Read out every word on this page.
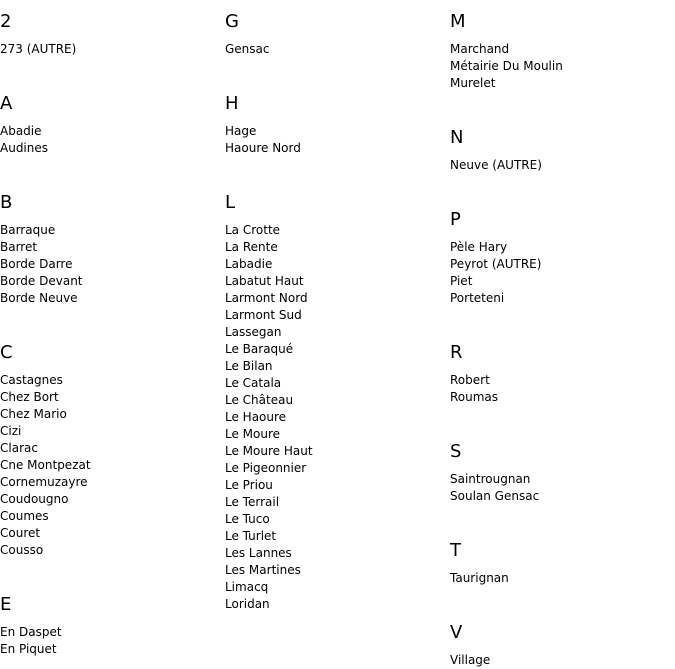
2
273 (AUTRE)
A
Abadie
Audines
B
Barraque
Barret
Borde Darre
Borde Devant
Borde Neuve
C
Castagnes
Chez Bort
Chez Mario
Cizi
Clarac
Cne Montpezat
Cornemuzayre
Coudougno
Coumes
Couret
Cousso
E
En Daspet
En Piquet
G
Gensac
H
Hage
Haoure Nord
L
La Crotte
La Rente
Labadie
Labatut Haut
Larmont Nord
Larmont Sud
Lassegan
Le Baraqué
Le Bilan
Le Catala
Le Château
Le Haoure
Le Moure
Le Moure Haut
Le Pigeonnier
Le Priou
Le Terrail
Le Tuco
Le Turlet
Les Lannes
Les Martines
Limacq
Loridan
M
Marchand
Métairie Du Moulin
Murelet
N
Neuve (AUTRE)
P
Pèle Hary
Peyrot (AUTRE)
Piet
Porteteni
R
Robert
Roumas
S
Saintrougnan
Soulan Gensac
T
Taurignan
V
Village
